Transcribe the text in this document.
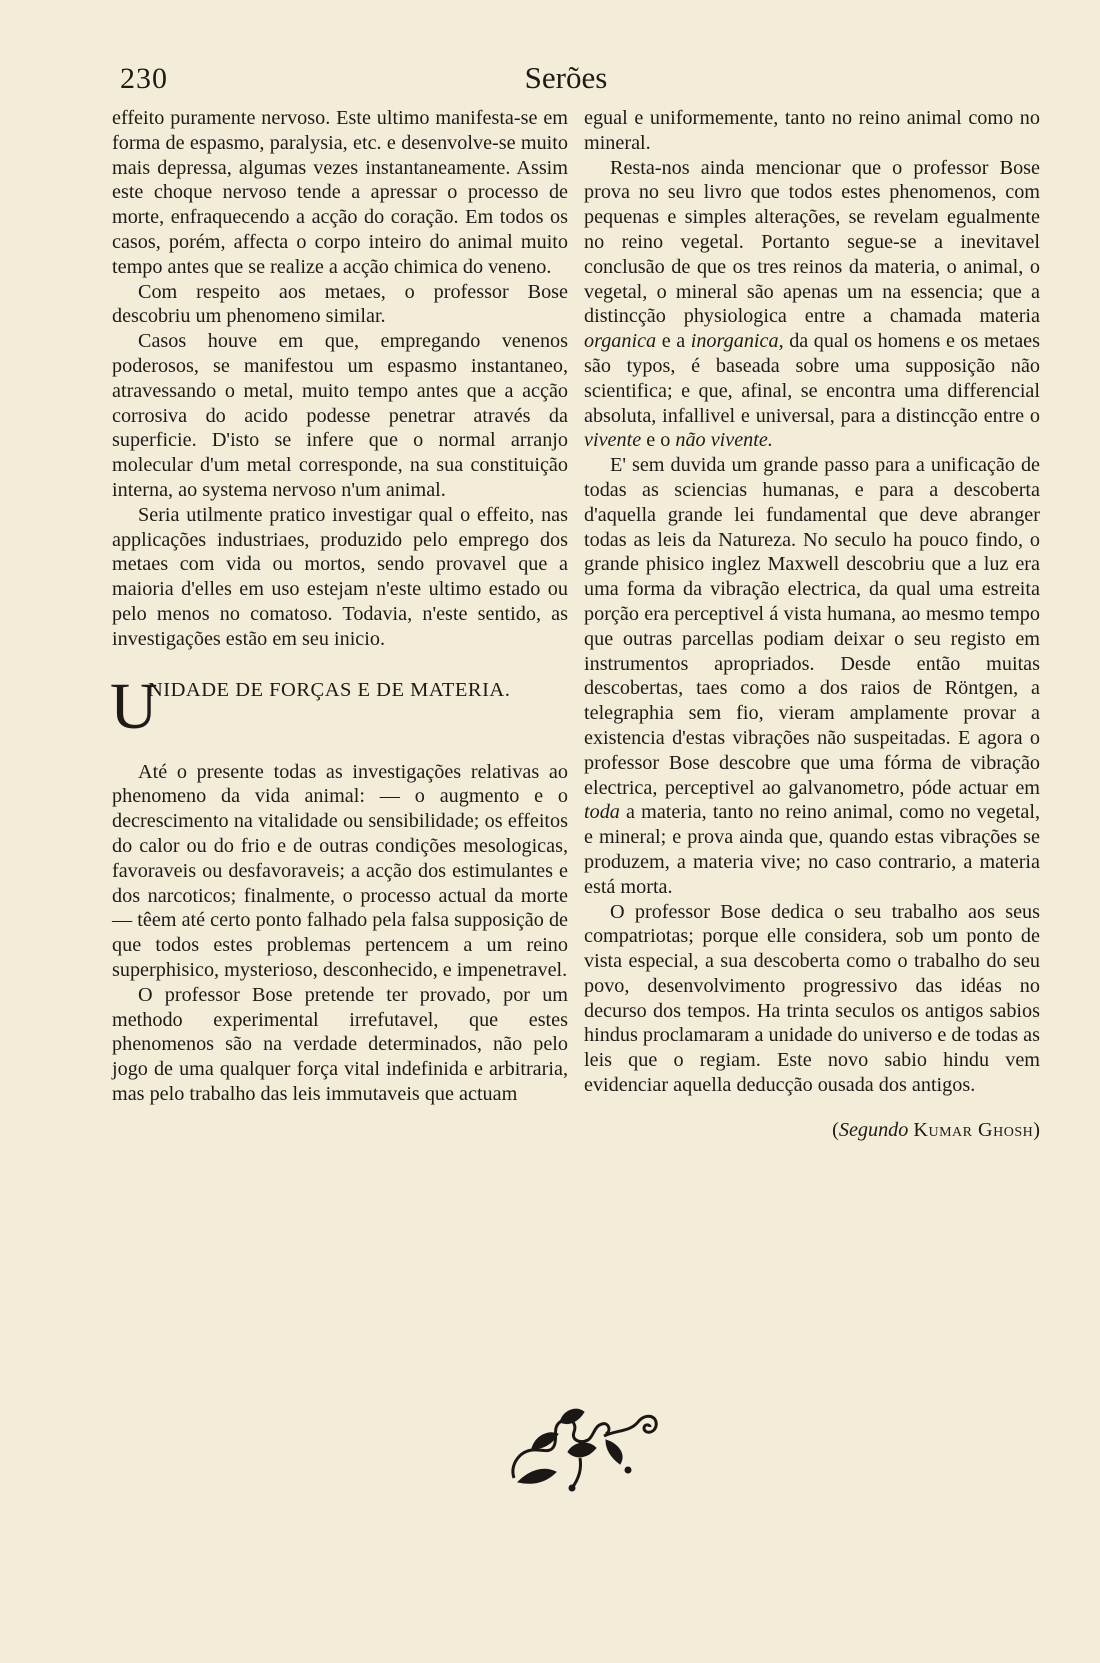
230	Serões

effeito puramente nervoso. Este ultimo manifesta-se em forma de espasmo, paralysia, etc. e desenvolve-se muito mais depressa, algumas vezes instantaneamente. Assim este choque nervoso tende a apressar o processo de morte, enfraquecendo a acção do coração. Em todos os casos, porém, affecta o corpo inteiro do animal muito tempo antes que se realize a acção chimica do veneno.

Com respeito aos metaes, o professor Bose descobriu um phenomeno similar.

Casos houve em que, empregando venenos poderosos, se manifestou um espasmo instantaneo, atravessando o metal, muito tempo antes que a acção corrosiva do acido podesse penetrar através da superficie. D'isto se infere que o normal arranjo molecular d'um metal corresponde, na sua constituição interna, ao systema nervoso n'um animal.

Seria utilmente pratico investigar qual o effeito, nas applicações industriaes, produzido pelo emprego dos metaes com vida ou mortos, sendo provavel que a maioria d'elles em uso estejam n'este ultimo estado ou pelo menos no comatoso. Todavia, n'este sentido, as investigações estão em seu inicio.

U
NIDADE DE FORÇAS E DE MATERIA.

Até o presente todas as investigações relativas ao phenomeno da vida animal: — o augmento e o decrescimento na vitalidade ou sensibilidade; os effeitos do calor ou do frio e de outras condições mesologicas, favoraveis ou desfavoraveis; a acção dos estimulantes e dos narcoticos; finalmente, o processo actual da morte — têem até certo ponto falhado pela falsa supposição de que todos estes problemas pertencem a um reino superphisico, mysterioso, desconhecido, e impenetravel.

O professor Bose pretende ter provado, por um methodo experimental irrefutavel, que estes phenomenos são na verdade determinados, não pelo jogo de uma qualquer força vital indefinida e arbitraria, mas pelo trabalho das leis immutaveis que actuam

egual e uniformemente, tanto no reino animal como no mineral.

Resta-nos ainda mencionar que o professor Bose prova no seu livro que todos estes phenomenos, com pequenas e simples alterações, se revelam egualmente no reino vegetal. Portanto segue-se a inevitavel conclusão de que os tres reinos da materia, o animal, o vegetal, o mineral são apenas um na essencia; que a distincção physiologica entre a chamada materia organica e a inorganica, da qual os homens e os metaes são typos, é baseada sobre uma supposição não scientifica; e que, afinal, se encontra uma differencial absoluta, infallivel e universal, para a distincção entre o vivente e o não vivente.

E' sem duvida um grande passo para a unificação de todas as sciencias humanas, e para a descoberta d'aquella grande lei fundamental que deve abranger todas as leis da Natureza. No seculo ha pouco findo, o grande phisico inglez Maxwell descobriu que a luz era uma forma da vibração electrica, da qual uma estreita porção era perceptivel á vista humana, ao mesmo tempo que outras parcellas podiam deixar o seu registo em instrumentos apropriados. Desde então muitas descobertas, taes como a dos raios de Röntgen, a telegraphia sem fio, vieram amplamente provar a existencia d'estas vibrações não suspeitadas. E agora o professor Bose descobre que uma fórma de vibração electrica, perceptivel ao galvanometro, póde actuar em toda a materia, tanto no reino animal, como no vegetal, e mineral; e prova ainda que, quando estas vibrações se produzem, a materia vive; no caso contrario, a materia está morta.

O professor Bose dedica o seu trabalho aos seus compatriotas; porque elle considera, sob um ponto de vista especial, a sua descoberta como o trabalho do seu povo, desenvolvimento progressivo das idéas no decurso dos tempos. Ha trinta seculos os antigos sabios hindus proclamaram a unidade do universo e de todas as leis que o regiam. Este novo sabio hindu vem evidenciar aquella deducção ousada dos antigos.

(Segundo Kumar Ghosh)
